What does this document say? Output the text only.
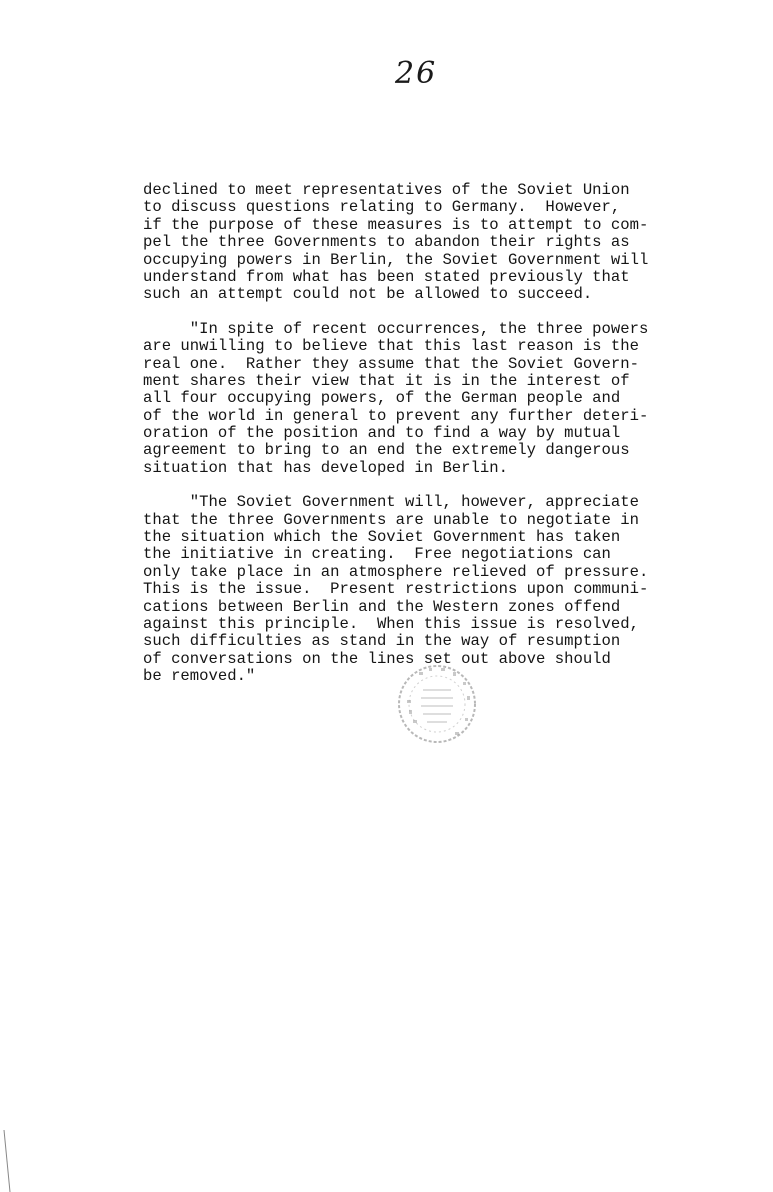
26
declined to meet representatives of the Soviet Union
to discuss questions relating to Germany.  However,
if the purpose of these measures is to attempt to com-
pel the three Governments to abandon their rights as
occupying powers in Berlin, the Soviet Government will
understand from what has been stated previously that
such an attempt could not be allowed to succeed.
"In spite of recent occurrences, the three powers
are unwilling to believe that this last reason is the
real one.  Rather they assume that the Soviet Govern-
ment shares their view that it is in the interest of
all four occupying powers, of the German people and
of the world in general to prevent any further deteri-
oration of the position and to find a way by mutual
agreement to bring to an end the extremely dangerous
situation that has developed in Berlin.
"The Soviet Government will, however, appreciate
that the three Governments are unable to negotiate in
the situation which the Soviet Government has taken
the initiative in creating.  Free negotiations can
only take place in an atmosphere relieved of pressure.
This is the issue.  Present restrictions upon communi-
cations between Berlin and the Western zones offend
against this principle.  When this issue is resolved,
such difficulties as stand in the way of resumption
of conversations on the lines set out above should
be removed."
